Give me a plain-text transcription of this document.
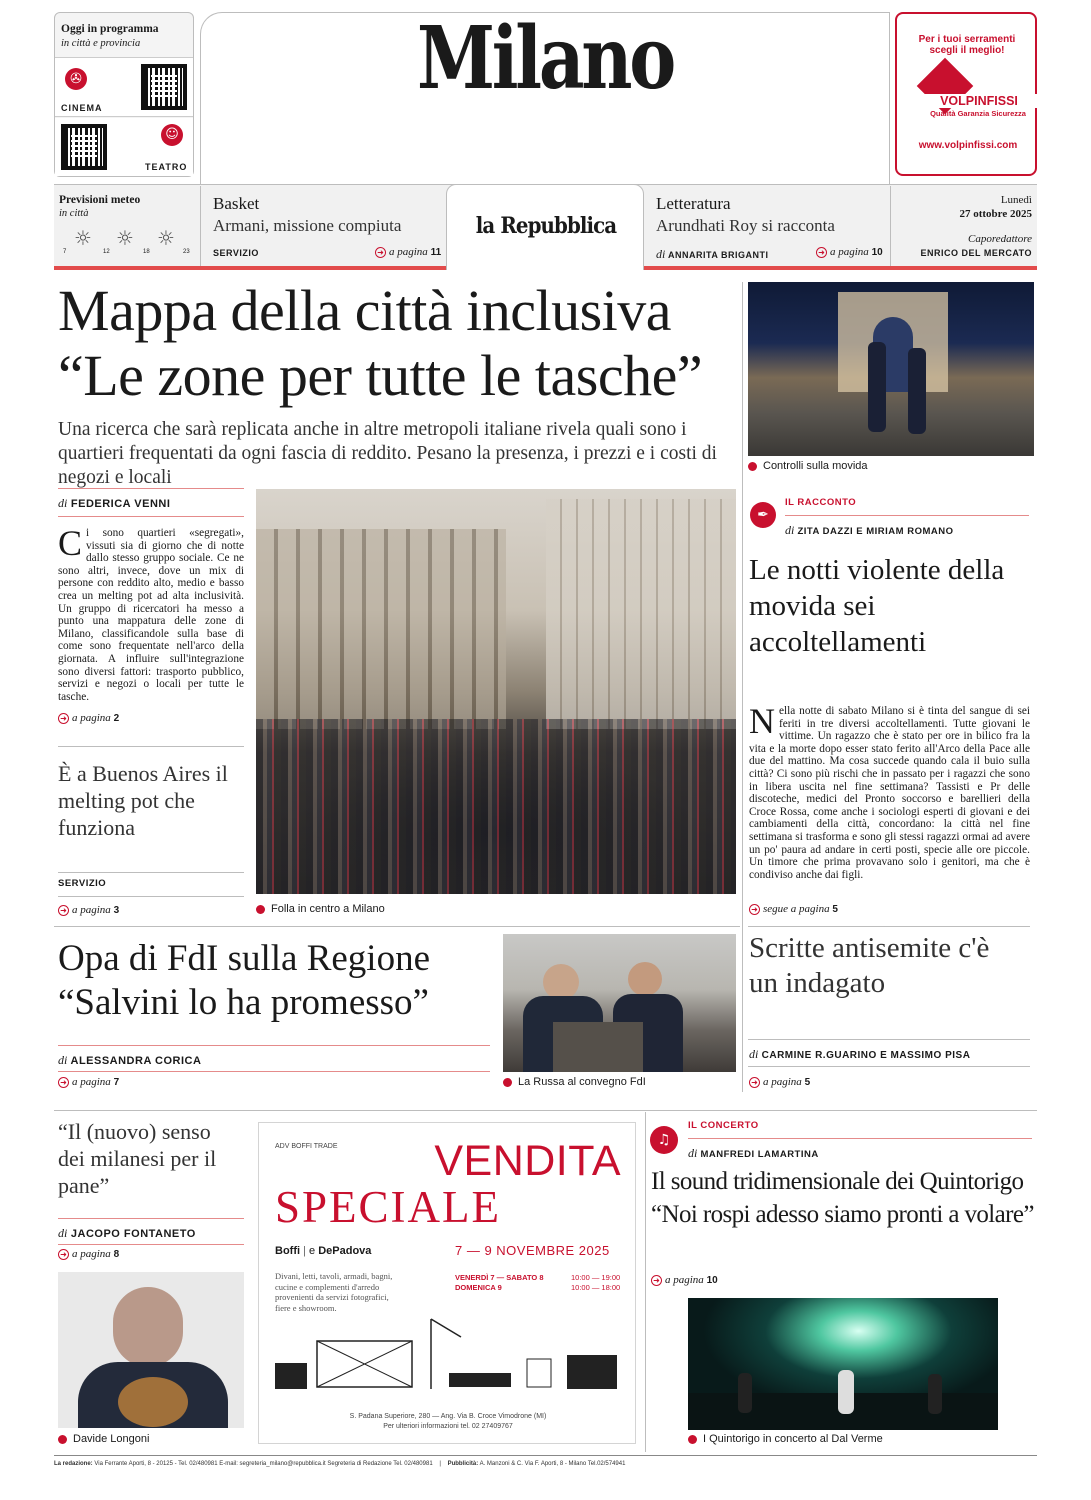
Oggi in programma
in città e provincia
✇
CINEMA
☺
TEATRO
Milano	Per i tuoi serramenti scegli il meglio!
VOLPINFISSI
Qualità Garanzia Sicurezza
www.volpinfissi.com
Previsioni meteo
in città
☼ ☼ ☼
7	12	18	23
Basket
Armani, missione compiuta
SERVIZIO	➜ a pagina 11
la Repubblica
Letteratura
Arundhati Roy si racconta
di ANNARITA BRIGANTI	➜ a pagina 10
Lunedì
27 ottobre 2025
Caporedattore
ENRICO DEL MERCATO
Mappa della città inclusiva
“Le zone per tutte le tasche”
Una ricerca che sarà replicata anche in altre metropoli italiane rivela quali sono i quartieri frequentati da ogni fascia di reddito. Pesano la presenza, i prezzi e i costi di negozi e locali
di FEDERICA VENNI
Ci sono quartieri «segregati», vissuti sia di giorno che di notte dallo stesso gruppo sociale. Ce ne sono altri, invece, dove un mix di persone con reddito alto, medio e basso crea un melting pot ad alta inclusività. Un gruppo di ricercatori ha messo a punto una mappatura delle zone di Milano, classificandole sulla base di come sono frequentate nell'arco della giornata. A influire sull'integrazione sono diversi fattori: trasporto pubblico, servizi e negozi o locali per tutte le tasche.
➜ a pagina 2
Folla in centro a Milano
È a Buenos Aires il melting pot che funziona
SERVIZIO
➜ a pagina 3
Controlli sulla movida
✒
IL RACCONTO
di ZITA DAZZI E MIRIAM ROMANO
Le notti violente della movida sei accoltellamenti
Nella notte di sabato Milano si è tinta del sangue di sei feriti in tre diversi accoltellamenti. Tutte giovani le vittime. Un ragazzo che è stato per ore in bilico fra la vita e la morte dopo esser stato ferito all'Arco della Pace alle due del mattino. Ma cosa succede quando cala il buio sulla città? Ci sono più rischi che in passato per i ragazzi che sono in libera uscita nel fine settimana? Tassisti e Pr delle discoteche, medici del Pronto soccorso e barellieri della Croce Rossa, come anche i sociologi esperti di giovani e dei cambiamenti della città, concordano: la città nel fine settimana si trasforma e sono gli stessi ragazzi ormai ad avere un po' paura ad andare in certi posti, specie alle ore piccole. Un timore che prima provavano solo i genitori, ma che è condiviso anche dai figli.
➜ segue a pagina 5
Opa di FdI sulla Regione
“Salvini lo ha promesso”
di ALESSANDRA CORICA
➜ a pagina 7	La Russa al convegno FdI
Scritte antisemite c'è un indagato
di CARMINE R.GUARINO E MASSIMO PISA
➜ a pagina 5
“Il (nuovo) senso dei milanesi per il pane”
di JACOPO FONTANETO
➜ a pagina 8
Davide Longoni
ADV BOFFI TRADE VENDITA
SPECIALE
Boffi | e DePadova	7 — 9 NOVEMBRE 2025
Divani, letti, tavoli, armadi, bagni, cucine e complementi d'arredo provenienti da servizi fotografici, fiere e showroom.
VENERDÌ 7 — SABATO 8	10:00 — 19:00
DOMENICA 9	10:00 — 18:00
S. Padana Superiore, 280 — Ang. Via B. Croce Vimodrone (MI)
Per ulteriori informazioni tel. 02 27409767
♫
IL CONCERTO
di MANFREDI LAMARTINA
Il sound tridimensionale dei Quintorigo
“Noi rospi adesso siamo pronti a volare”
➜ a pagina 10
I Quintorigo in concerto al Dal Verme
La redazione: Via Ferrante Aporti, 8 - 20125 - Tel. 02/480981 E-mail: segreteria_milano@repubblica.it Segreteria di Redazione Tel. 02/480981 | Pubblicità: A. Manzoni & C. Via F. Aporti, 8 - Milano Tel.02/574941
